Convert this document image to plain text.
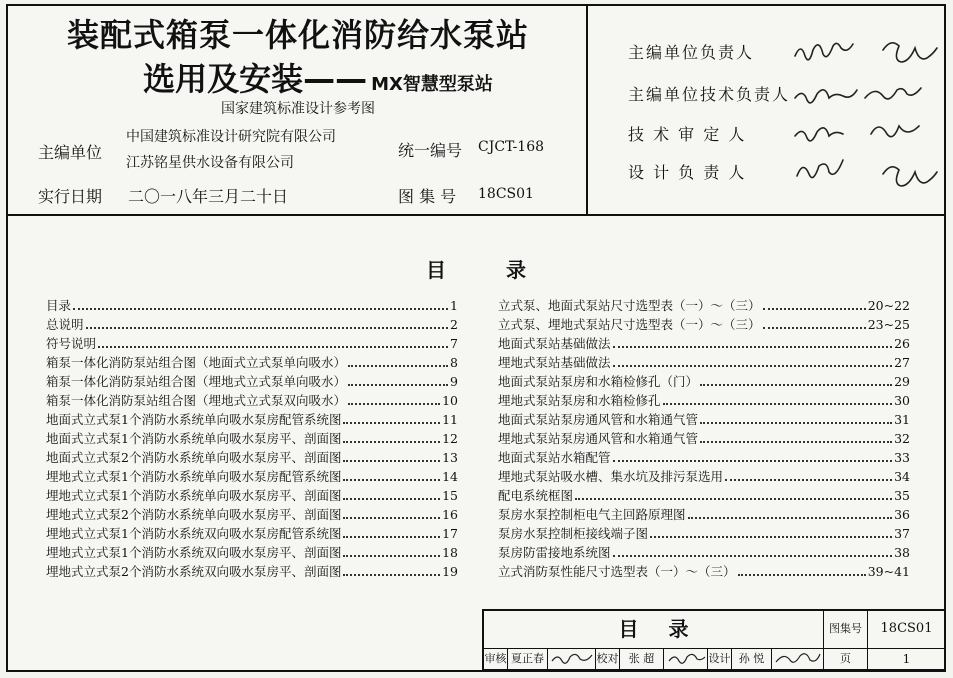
装配式箱泵一体化消防给水泵站
选用及安装—— MX智慧型泵站
国家建筑标准设计参考图
主编单位
中国建筑标准设计研究院有限公司
江苏铭星供水设备有限公司
统一编号 CJCT-168
实行日期 二〇一八年三月二十日	图 集 号 18CS01
主编单位负责人
主编单位技术负责人
技 术 审 定 人
设 计 负 责 人
目录
目录	1
总说明	2
符号说明	7
箱泵一体化消防泵站组合图（地面式立式泵单向吸水）	8
箱泵一体化消防泵站组合图（埋地式立式泵单向吸水）	9
箱泵一体化消防泵站组合图（埋地式立式泵双向吸水）	10
地面式立式泵1个消防水系统单向吸水泵房配管系统图	11
地面式立式泵1个消防水系统单向吸水泵房平、剖面图	12
地面式立式泵2个消防水系统单向吸水泵房平、剖面图	13
埋地式立式泵1个消防水系统单向吸水泵房配管系统图	14
埋地式立式泵1个消防水系统单向吸水泵房平、剖面图	15
埋地式立式泵2个消防水系统单向吸水泵房平、剖面图	16
埋地式立式泵1个消防水系统双向吸水泵房配管系统图	17
埋地式立式泵1个消防水系统双向吸水泵房平、剖面图	18
埋地式立式泵2个消防水系统双向吸水泵房平、剖面图	19
立式泵、地面式泵站尺寸选型表（一）～（三）	20~22
立式泵、埋地式泵站尺寸选型表（一）～（三）	23~25
地面式泵站基础做法	26
埋地式泵站基础做法	27
地面式泵站泵房和水箱检修孔（门）	29
埋地式泵站泵房和水箱检修孔	30
地面式泵站泵房通风管和水箱通气管	31
埋地式泵站泵房通风管和水箱通气管	32
地面式泵站水箱配管	33
埋地式泵站吸水槽、集水坑及排污泵选用	34
配电系统框图	35
泵房水泵控制柜电气主回路原理图	36
泵房水泵控制柜接线端子图	37
泵房防雷接地系统图	38
立式消防泵性能尺寸选型表（一）～（三）	39~41
目录	图集号	18CS01
审核 夏正春	校对 张 超	设计 孙 悦	页	1
